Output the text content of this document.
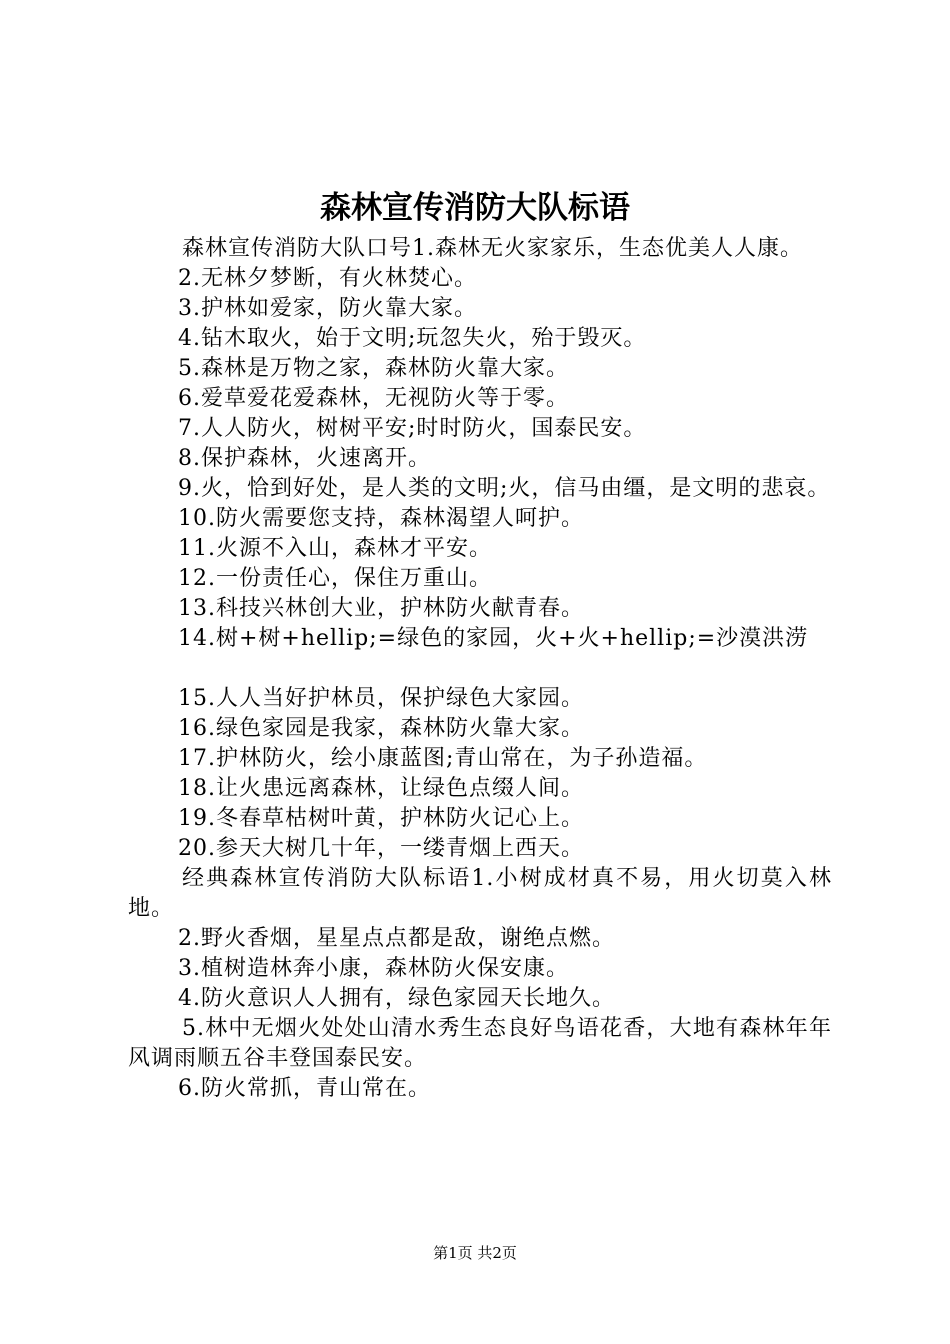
森林宣传消防大队标语

森林宣传消防大队口号1.森林无火家家乐，生态优美人人康。

2.无林夕梦断，有火林焚心。

3.护林如爱家，防火靠大家。

4.钻木取火，始于文明;玩忽失火，殆于毁灭。

5.森林是万物之家，森林防火靠大家。

6.爱草爱花爱森林，无视防火等于零。

7.人人防火，树树平安;时时防火，国泰民安。

8.保护森林，火速离开。

9.火，恰到好处，是人类的文明;火，信马由缰，是文明的悲哀。

10.防火需要您支持，森林渴望人呵护。

11.火源不入山，森林才平安。

12.一份责任心，保住万重山。

13.科技兴林创大业，护林防火献青春。

14.树+树+hellip;=绿色的家园，火+火+hellip;=沙漠洪涝

15.人人当好护林员，保护绿色大家园。

16.绿色家园是我家，森林防火靠大家。

17.护林防火，绘小康蓝图;青山常在，为子孙造福。

18.让火患远离森林，让绿色点缀人间。

19.冬春草枯树叶黄，护林防火记心上。

20.参天大树几十年，一缕青烟上西天。

经典森林宣传消防大队标语1.小树成材真不易，用火切莫入林地。

2.野火香烟，星星点点都是敌，谢绝点燃。

3.植树造林奔小康，森林防火保安康。

4.防火意识人人拥有，绿色家园天长地久。

5.林中无烟火处处山清水秀生态良好鸟语花香，大地有森林年年风调雨顺五谷丰登国泰民安。

6.防火常抓，青山常在。

第1页 共2页
